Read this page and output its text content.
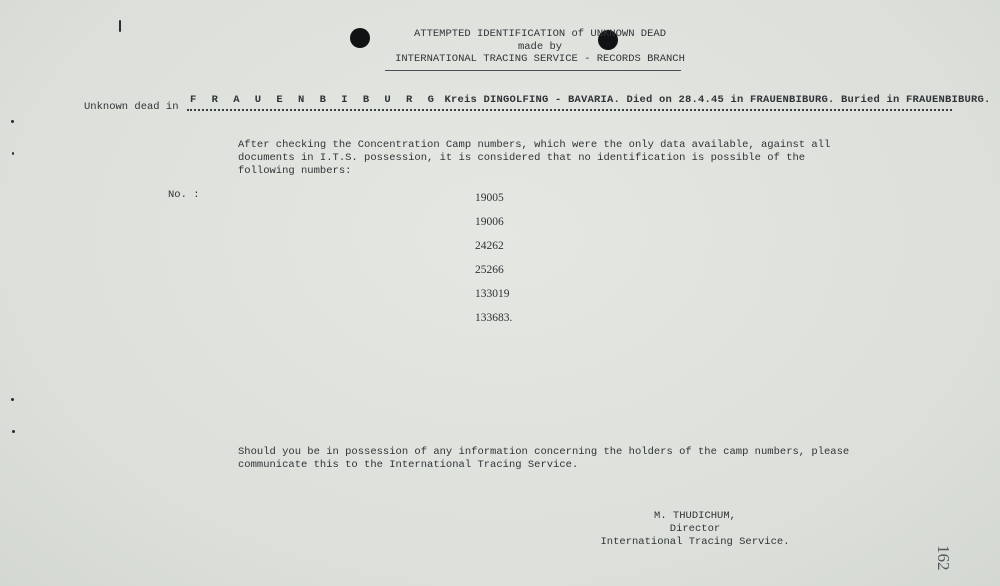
ATTEMPTED IDENTIFICATION of UNKNOWN DEAD
made by
INTERNATIONAL TRACING SERVICE - RECORDS BRANCH
Unknown dead in
F R A U E N B I B U R G Kreis DINGOLFING - BAVARIA. Died on 28.4.45 in FRAUENBIBURG. Buried in FRAUENBIBURG.
After checking the Concentration Camp numbers, which were the only data available, against all documents in I.T.S. possession, it is considered that no identification is possible of the following numbers:
No. :	19005
19006
24262
25266
133019
133683.
Should you be in possession of any information concerning the holders of the camp numbers, please communicate this to the International Tracing Service.
M. THUDICHUM,
Director
International Tracing Service.
162
